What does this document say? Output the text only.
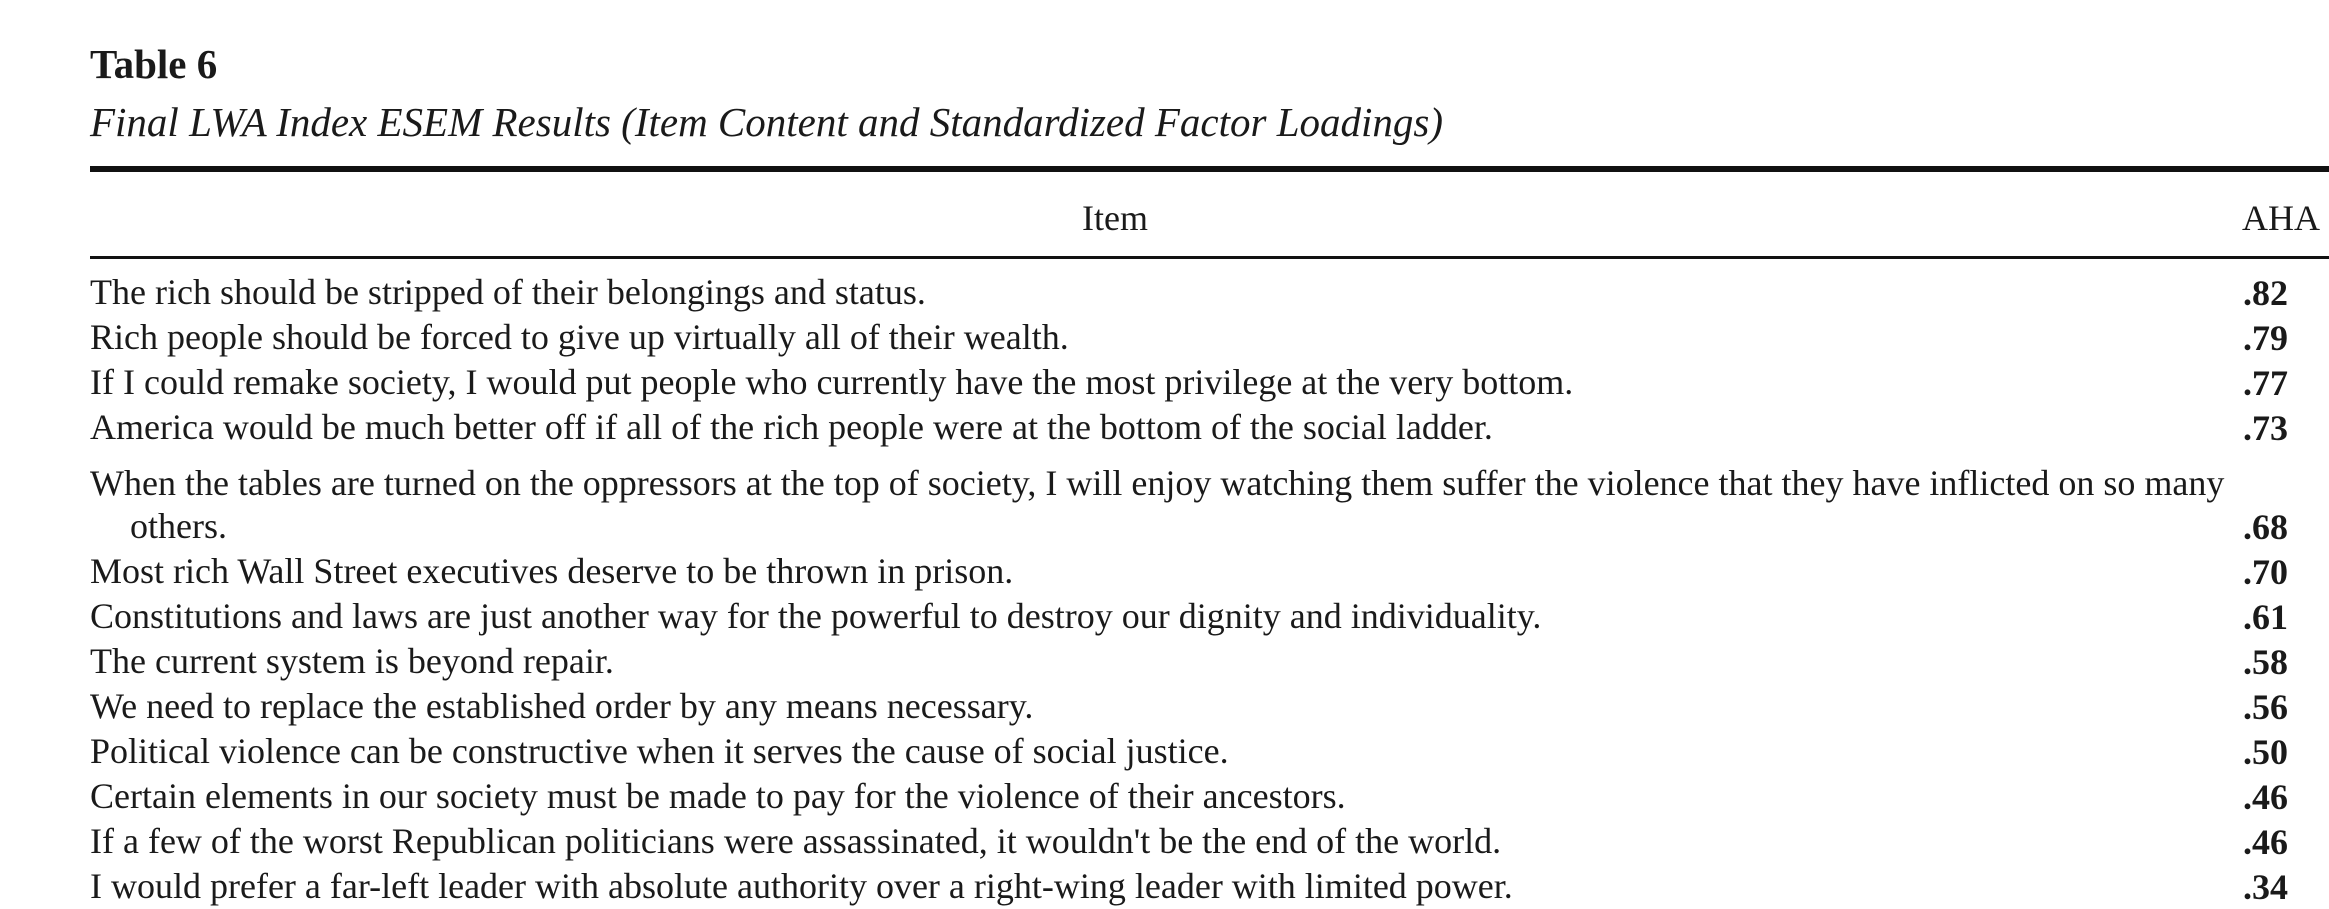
Table 6
Final LWA Index ESEM Results (Item Content and Standardized Factor Loadings)
Item	AHA
The rich should be stripped of their belongings and status.	.82
Rich people should be forced to give up virtually all of their wealth.	.79
If I could remake society, I would put people who currently have the most privilege at the very bottom.	.77
America would be much better off if all of the rich people were at the bottom of the social ladder.	.73
When the tables are turned on the oppressors at the top of society, I will enjoy watching them suffer the violence that they have inflicted on so many others.	.68
Most rich Wall Street executives deserve to be thrown in prison.	.70
Constitutions and laws are just another way for the powerful to destroy our dignity and individuality.	.61
The current system is beyond repair.	.58
We need to replace the established order by any means necessary.	.56
Political violence can be constructive when it serves the cause of social justice.	.50
Certain elements in our society must be made to pay for the violence of their ancestors.	.46
If a few of the worst Republican politicians were assassinated, it wouldn't be the end of the world.	.46
I would prefer a far-left leader with absolute authority over a right-wing leader with limited power.	.34
